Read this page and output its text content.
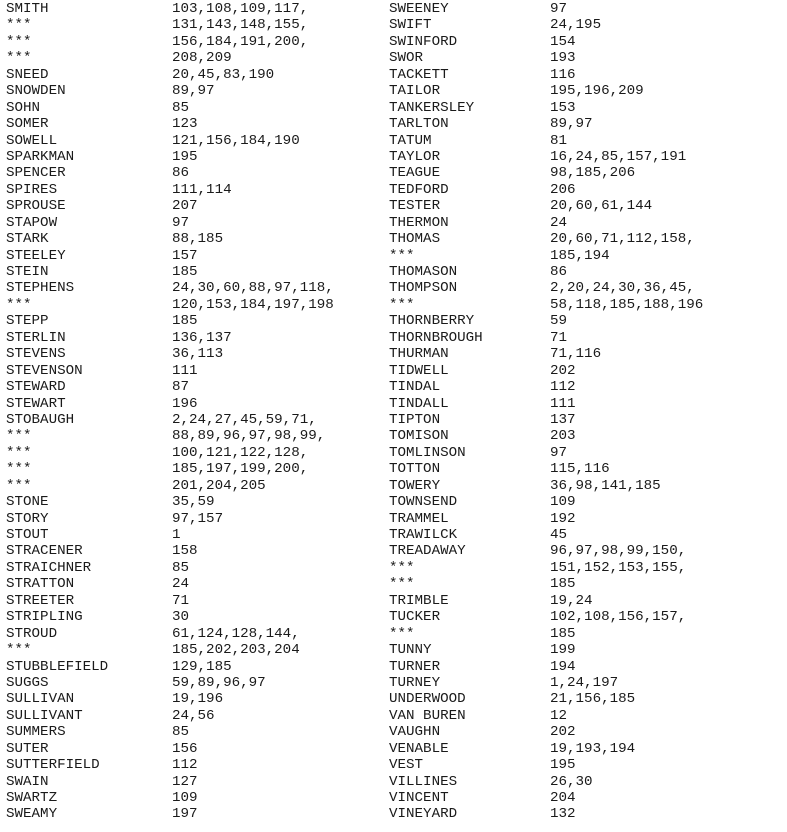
SMITH	103,108,109,117,
***	131,143,148,155,
***	156,184,191,200,
***	208,209
SNEED	20,45,83,190
SNOWDEN	89,97
SOHN	85
SOMER	123
SOWELL	121,156,184,190
SPARKMAN	195
SPENCER	86
SPIRES	111,114
SPROUSE	207
STAPOW	97
STARK	88,185
STEELEY	157
STEIN	185
STEPHENS	24,30,60,88,97,118,
***	120,153,184,197,198
STEPP	185
STERLIN	136,137
STEVENS	36,113
STEVENSON	111
STEWARD	87
STEWART	196
STOBAUGH	2,24,27,45,59,71,
***	88,89,96,97,98,99,
***	100,121,122,128,
***	185,197,199,200,
***	201,204,205
STONE	35,59
STORY	97,157
STOUT	1
STRACENER	158
STRAICHNER	85
STRATTON	24
STREETER	71
STRIPLING	30
STROUD	61,124,128,144,
***	185,202,203,204
STUBBLEFIELD	129,185
SUGGS	59,89,96,97
SULLIVAN	19,196
SULLIVANT	24,56
SUMMERS	85
SUTER	156
SUTTERFIELD	112
SWAIN	127
SWARTZ	109
SWEAMY	197
SWEENEY	97
SWIFT	24,195
SWINFORD	154
SWOR	193
TACKETT	116
TAILOR	195,196,209
TANKERSLEY	153
TARLTON	89,97
TATUM	81
TAYLOR	16,24,85,157,191
TEAGUE	98,185,206
TEDFORD	206
TESTER	20,60,61,144
THERMON	24
THOMAS	20,60,71,112,158,
***	185,194
THOMASON	86
THOMPSON	2,20,24,30,36,45,
***	58,118,185,188,196
THORNBERRY	59
THORNBROUGH	71
THURMAN	71,116
TIDWELL	202
TINDAL	112
TINDALL	111
TIPTON	137
TOMISON	203
TOMLINSON	97
TOTTON	115,116
TOWERY	36,98,141,185
TOWNSEND	109
TRAMMEL	192
TRAWILCK	45
TREADAWAY	96,97,98,99,150,
***	151,152,153,155,
***	185
TRIMBLE	19,24
TUCKER	102,108,156,157,
***	185
TUNNY	199
TURNER	194
TURNEY	1,24,197
UNDERWOOD	21,156,185
VAN BUREN	12
VAUGHN	202
VENABLE	19,193,194
VEST	195
VILLINES	26,30
VINCENT	204
VINEYARD	132
